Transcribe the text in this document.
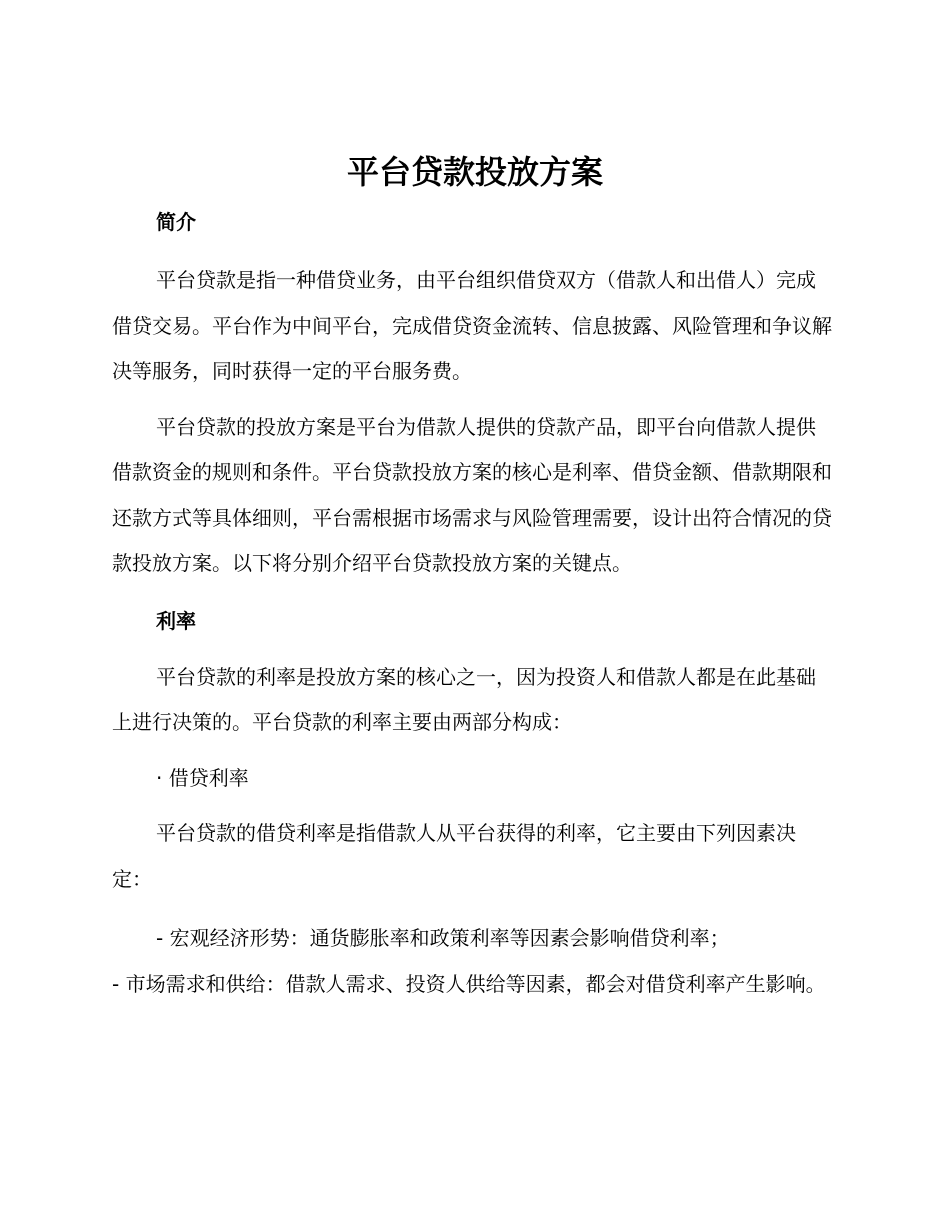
平台贷款投放方案
简介

平台贷款是指一种借贷业务，由平台组织借贷双方（借款人和出借人）完成借贷交易。平台作为中间平台，完成借贷资金流转、信息披露、风险管理和争议解决等服务，同时获得一定的平台服务费。

平台贷款的投放方案是平台为借款人提供的贷款产品，即平台向借款人提供借款资金的规则和条件。平台贷款投放方案的核心是利率、借贷金额、借款期限和还款方式等具体细则，平台需根据市场需求与风险管理需要，设计出符合情况的贷款投放方案。以下将分别介绍平台贷款投放方案的关键点。

利率

平台贷款的利率是投放方案的核心之一，因为投资人和借款人都是在此基础上进行决策的。平台贷款的利率主要由两部分构成：

· 借贷利率

平台贷款的借贷利率是指借款人从平台获得的利率，它主要由下列因素决定：

- 宏观经济形势：通货膨胀率和政策利率等因素会影响借贷利率；

- 市场需求和供给：借款人需求、投资人供给等因素，都会对借贷利率产生影响。
